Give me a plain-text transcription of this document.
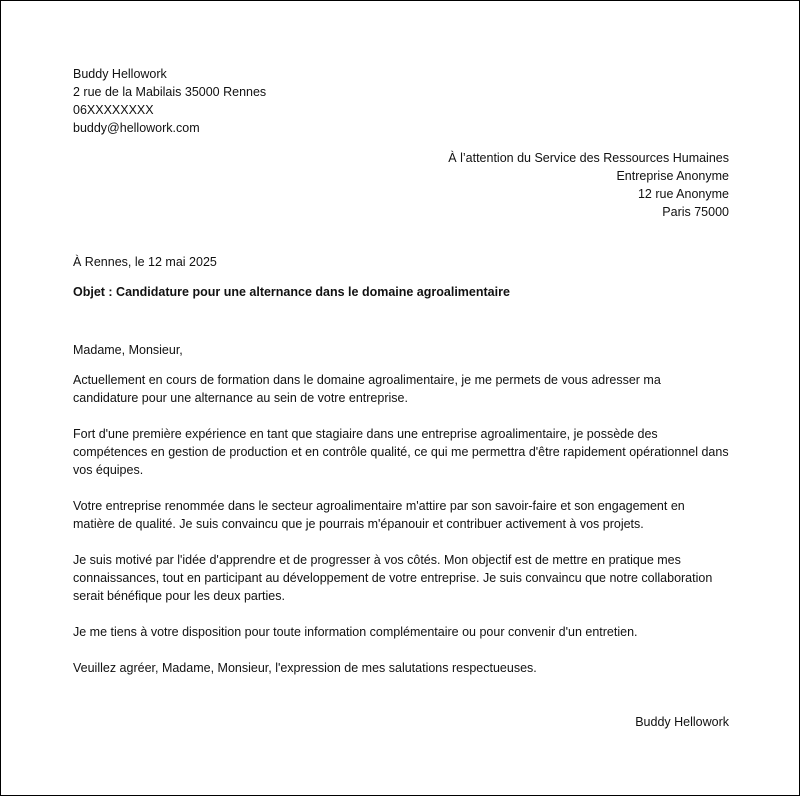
Buddy Hellowork
2 rue de la Mabilais 35000 Rennes
06XXXXXXXX
buddy@hellowork.com
À l’attention du Service des Ressources Humaines
Entreprise Anonyme
12 rue Anonyme
Paris 75000
À Rennes, le 12 mai 2025
Objet : Candidature pour une alternance dans le domaine agroalimentaire
Madame, Monsieur,

Actuellement en cours de formation dans le domaine agroalimentaire, je me permets de vous adresser ma candidature pour une alternance au sein de votre entreprise.

Fort d'une première expérience en tant que stagiaire dans une entreprise agroalimentaire, je possède des compétences en gestion de production et en contrôle qualité, ce qui me permettra d'être rapidement opérationnel dans vos équipes.

Votre entreprise renommée dans le secteur agroalimentaire m'attire par son savoir-faire et son engagement en matière de qualité. Je suis convaincu que je pourrais m'épanouir et contribuer activement à vos projets.

Je suis motivé par l'idée d'apprendre et de progresser à vos côtés. Mon objectif est de mettre en pratique mes connaissances, tout en participant au développement de votre entreprise. Je suis convaincu que notre collaboration serait bénéfique pour les deux parties.

Je me tiens à votre disposition pour toute information complémentaire ou pour convenir d'un entretien.

Veuillez agréer, Madame, Monsieur, l'expression de mes salutations respectueuses.

Buddy Hellowork
